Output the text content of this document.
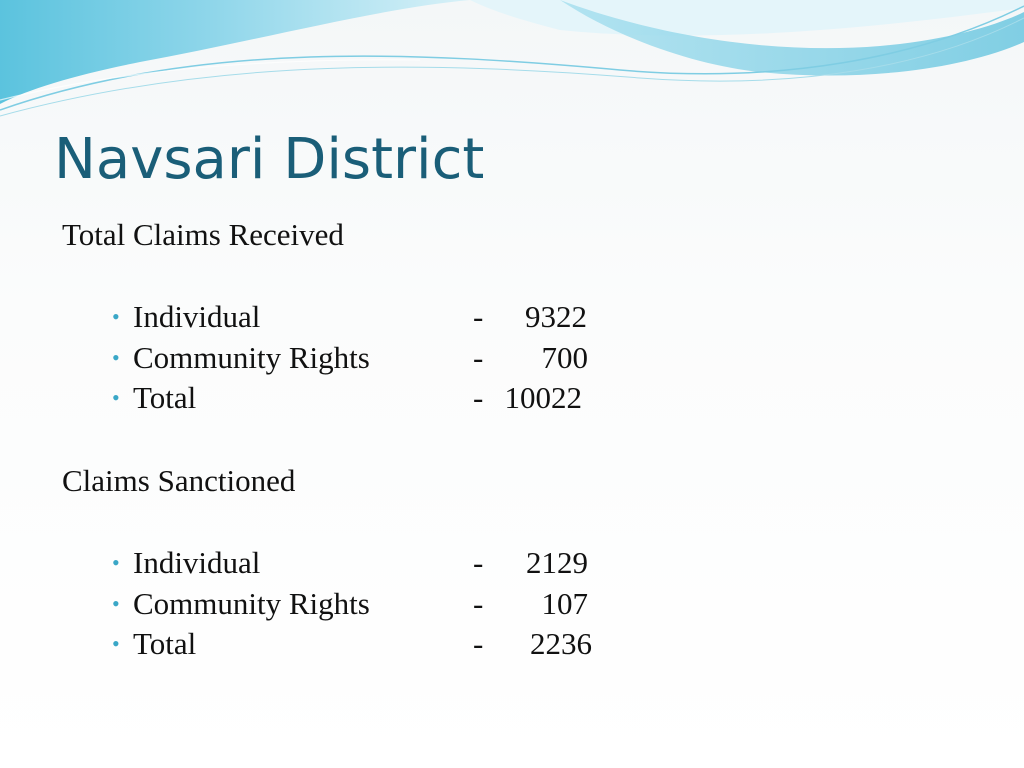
Navsari District
Total Claims Received
• Individual	- 9322
• Community Rights	- 700
• Total	- 10022
Claims Sanctioned
• Individual	- 2129
• Community Rights	- 107
• Total	- 2236
